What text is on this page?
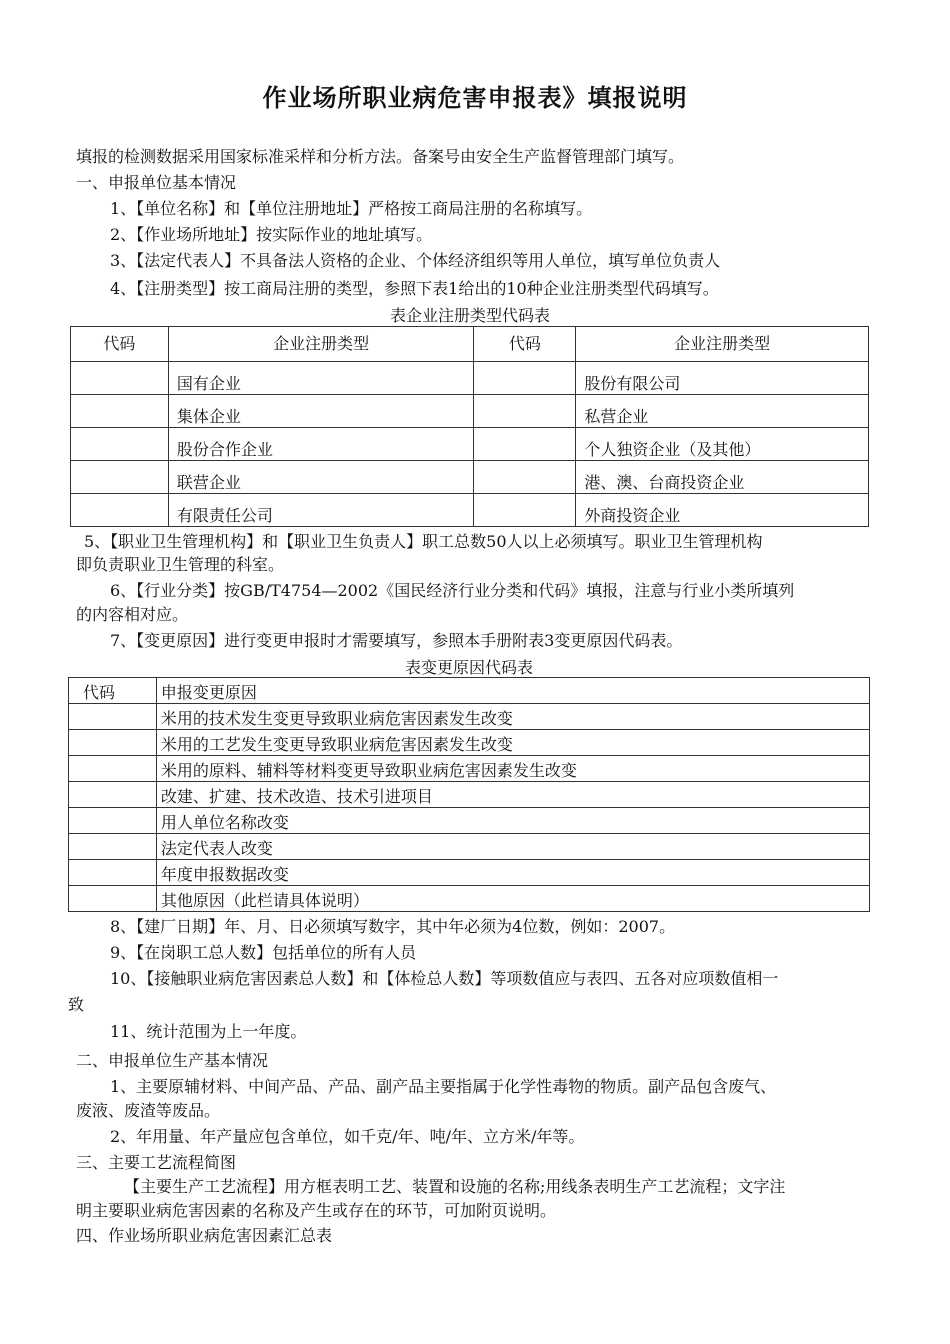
作业场所职业病危害申报表》填报说明
填报的检测数据采用国家标准采样和分析方法。备案号由安全生产监督管理部门填写。
一、申报单位基本情况
1、【单位名称】和【单位注册地址】严格按工商局注册的名称填写。
2、【作业场所地址】按实际作业的地址填写。
3、【法定代表人】不具备法人资格的企业、个体经济组织等用人单位，填写单位负责人
4、【注册类型】按工商局注册的类型，参照下表1给出的10种企业注册类型代码填写。
表企业注册类型代码表
代码	企业注册类型	代码	企业注册类型
	国有企业		股份有限公司
	集体企业		私营企业
	股份合作企业		个人独资企业（及其他）
	联营企业		港、澳、台商投资企业
	有限责任公司		外商投资企业
5、【职业卫生管理机构】和【职业卫生负责人】职工总数50人以上必须填写。职业卫生管理机构
即负责职业卫生管理的科室。
6、【行业分类】按GB/T4754—2002《国民经济行业分类和代码》填报，注意与行业小类所填列
的内容相对应。
7、【变更原因】进行变更申报时才需要填写，参照本手册附表3变更原因代码表。
表变更原因代码表
代码	申报变更原因
	米用的技术发生变更导致职业病危害因素发生改变
	米用的工艺发生变更导致职业病危害因素发生改变
	米用的原料、辅料等材料变更导致职业病危害因素发生改变
	改建、扩建、技术改造、技术引进项目
	用人单位名称改变
	法定代表人改变
	年度申报数据改变
	其他原因（此栏请具体说明）
8、【建厂日期】年、月、日必须填写数字，其中年必须为4位数，例如：2007。
9、【在岗职工总人数】包括单位的所有人员
10、【接触职业病危害因素总人数】和【体检总人数】等项数值应与表四、五各对应项数值相一
致
11、统计范围为上一年度。
二、申报单位生产基本情况
1、主要原辅材料、中间产品、产品、副产品主要指属于化学性毒物的物质。副产品包含废气、
废液、废渣等废品。
2、年用量、年产量应包含单位，如千克/年、吨/年、立方米/年等。
三、主要工艺流程简图
【主要生产工艺流程】用方框表明工艺、装置和设施的名称;用线条表明生产工艺流程；文字注
明主要职业病危害因素的名称及产生或存在的环节，可加附页说明。
四、作业场所职业病危害因素汇总表
